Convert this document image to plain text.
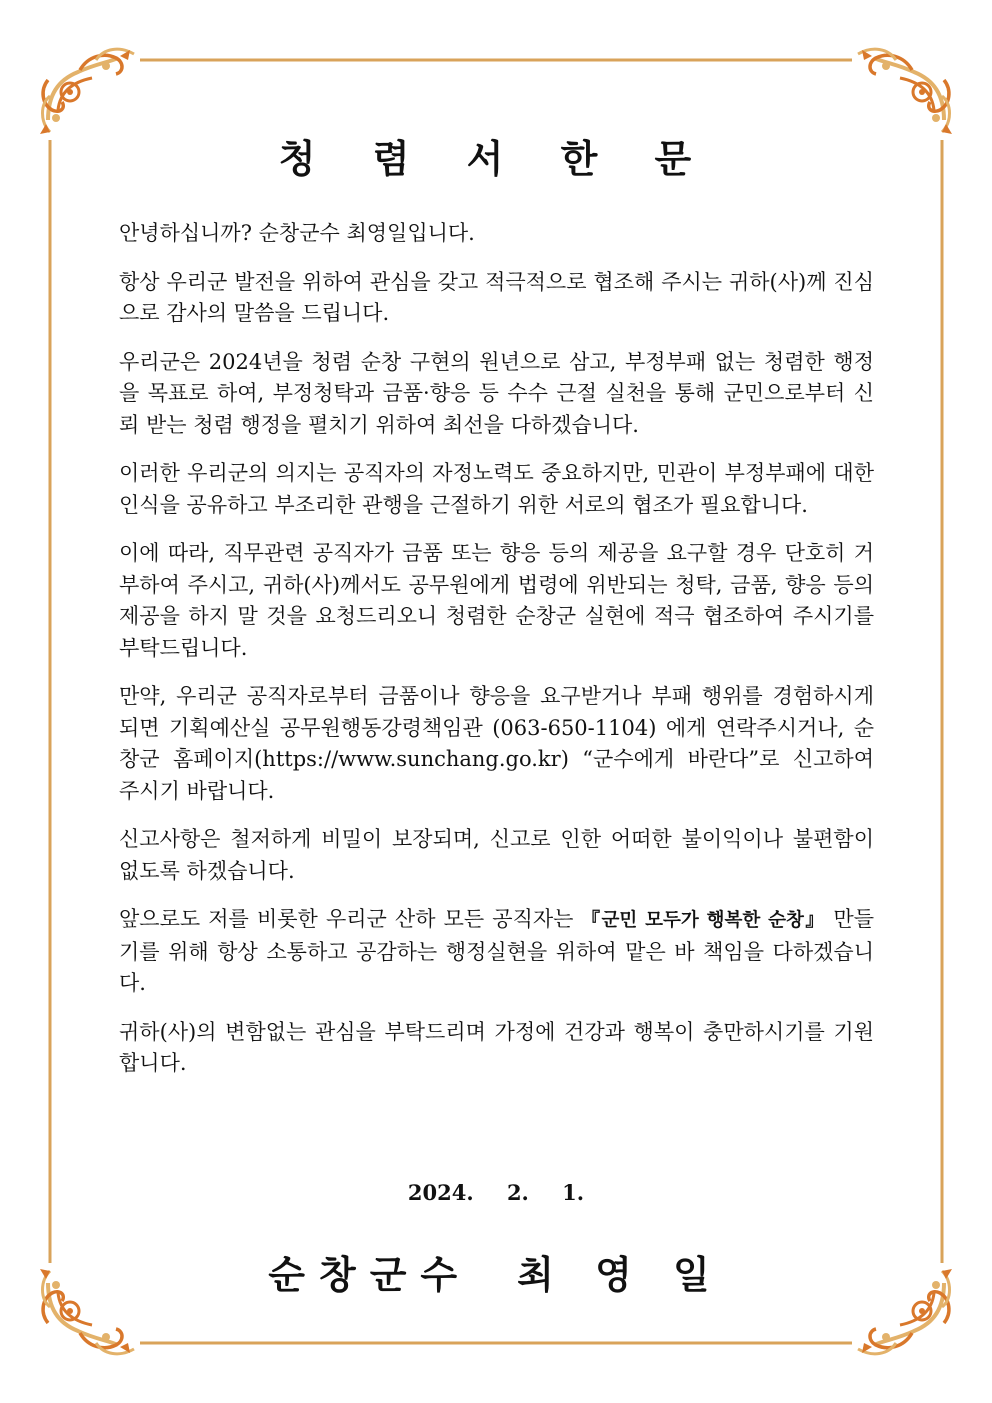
청 렴 서 한 문

안녕하십니까? 순창군수 최영일입니다.

항상 우리군 발전을 위하여 관심을 갖고 적극적으로 협조해 주시는 귀하(사)께 진심으로 감사의 말씀을 드립니다.

우리군은 2024년을 청렴 순창 구현의 원년으로 삼고, 부정부패 없는 청렴한 행정을 목표로 하여, 부정청탁과 금품·향응 등 수수 근절 실천을 통해 군민으로부터 신뢰 받는 청렴 행정을 펼치기 위하여 최선을 다하겠습니다.

이러한 우리군의 의지는 공직자의 자정노력도 중요하지만, 민관이 부정부패에 대한 인식을 공유하고 부조리한 관행을 근절하기 위한 서로의 협조가 필요합니다.

이에 따라, 직무관련 공직자가 금품 또는 향응 등의 제공을 요구할 경우 단호히 거부하여 주시고, 귀하(사)께서도 공무원에게 법령에 위반되는 청탁, 금품, 향응 등의 제공을 하지 말 것을 요청드리오니 청렴한 순창군 실현에 적극 협조하여 주시기를 부탁드립니다.

만약, 우리군 공직자로부터 금품이나 향응을 요구받거나 부패 행위를 경험하시게 되면 기획예산실 공무원행동강령책임관 (063-650-1104) 에게 연락주시거나, 순창군 홈페이지(https://www.sunchang.go.kr) “군수에게 바란다”로 신고하여 주시기 바랍니다.

신고사항은 철저하게 비밀이 보장되며, 신고로 인한 어떠한 불이익이나 불편함이 없도록 하겠습니다.

앞으로도 저를 비롯한 우리군 산하 모든 공직자는 『군민 모두가 행복한 순창』 만들기를 위해 항상 소통하고 공감하는 행정실현을 위하여 맡은 바 책임을 다하겠습니다.

귀하(사)의 변함없는 관심을 부탁드리며 가정에 건강과 행복이 충만하시기를 기원합니다.

2024. 2. 1.
순창군수 최 영 일
